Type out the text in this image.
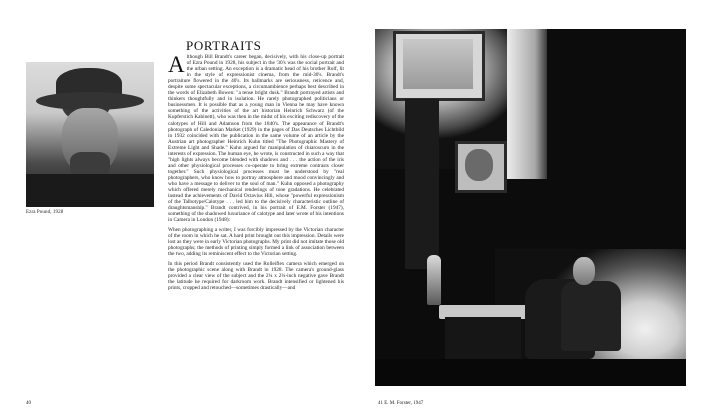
Ezra Pound, 1928
PORTRAITS

Although Bill Brandt's career began, decisively, with his close-up portrait of Ezra Pound in 1928, his subject in the '30's was the social portrait and the urban setting. An exception is a dramatic head of his brother Rolf, lit in the style of expressionist cinema, from the mid-30's. Brandt's portraiture flowered in the 40's. Its hallmarks are seriousness, reticence and, despite some spectacular exceptions, a circumambience perhaps best described in the words of Elizabeth Bowen: "a tense bright dusk." Brandt portrayed artists and thinkers thoughtfully and in isolation. He rarely photographed politicians or businessmen. It is possible that as a young man in Vienna he may have known something of the activities of the art historian Heinrich Schwarz (of the Kupferstich Kabinett), who was then in the midst of his exciting rediscovery of the calotypes of Hill and Adamson from the 1840's. The appearance of Brandt's photograph of Caledonian Market (1929) in the pages of Das Deutsches Lichtbild in 1932 coincided with the publication in the same volume of an article by the Austrian art photographer Heinrich Kuhn titled "The Photographic Mastery of Extreme Light and Shade." Kuhn argued for manipulation of chiaroscuro in the interests of expression. The human eye, he wrote, is constructed in such a way that "high lights always become blended with shadows and . . . the action of the iris and other physiological processes co-operate to bring extreme contrasts closer together." Such physiological processes must be understood by "real photographers, who know how to portray atmosphere and mood convincingly and who have a message to deliver to the soul of man." Kuhn opposed a photography which offered merely mechanical renderings of tone gradations. He celebrated instead the achievements of David Octavius Hill, whose "powerful expressionism of the Talbotype/Calotype . . . led him to the decisively characteristic outline of draughtsmanship." Brandt contrived, in his portrait of E.M. Forster (1947), something of the shadowed luxuriance of calotype and later wrote of his intentions in Camera in London (1948):

When photographing a writer, I was forcibly impressed by the Victorian character of the room in which he sat. A hard print brought out this impression. Details were lost as they were in early Victorian photographs. My print did not imitate those old photographs; the methods of printing simply formed a link of association between the two, adding its reminiscent effect to the Victorian setting.

In this period Brandt consistently used the Rolleiflex camera which emerged on the photographic scene along with Brandt in 1928. The camera's ground-glass provided a clear view of the subject and the 2¼ x 2¼-inch negative gave Brandt the latitude he required for darkroom work. Brandt intensified or lightened his prints, cropped and retouched—sometimes drastically—and

40	41 E. M. Forster, 1947
